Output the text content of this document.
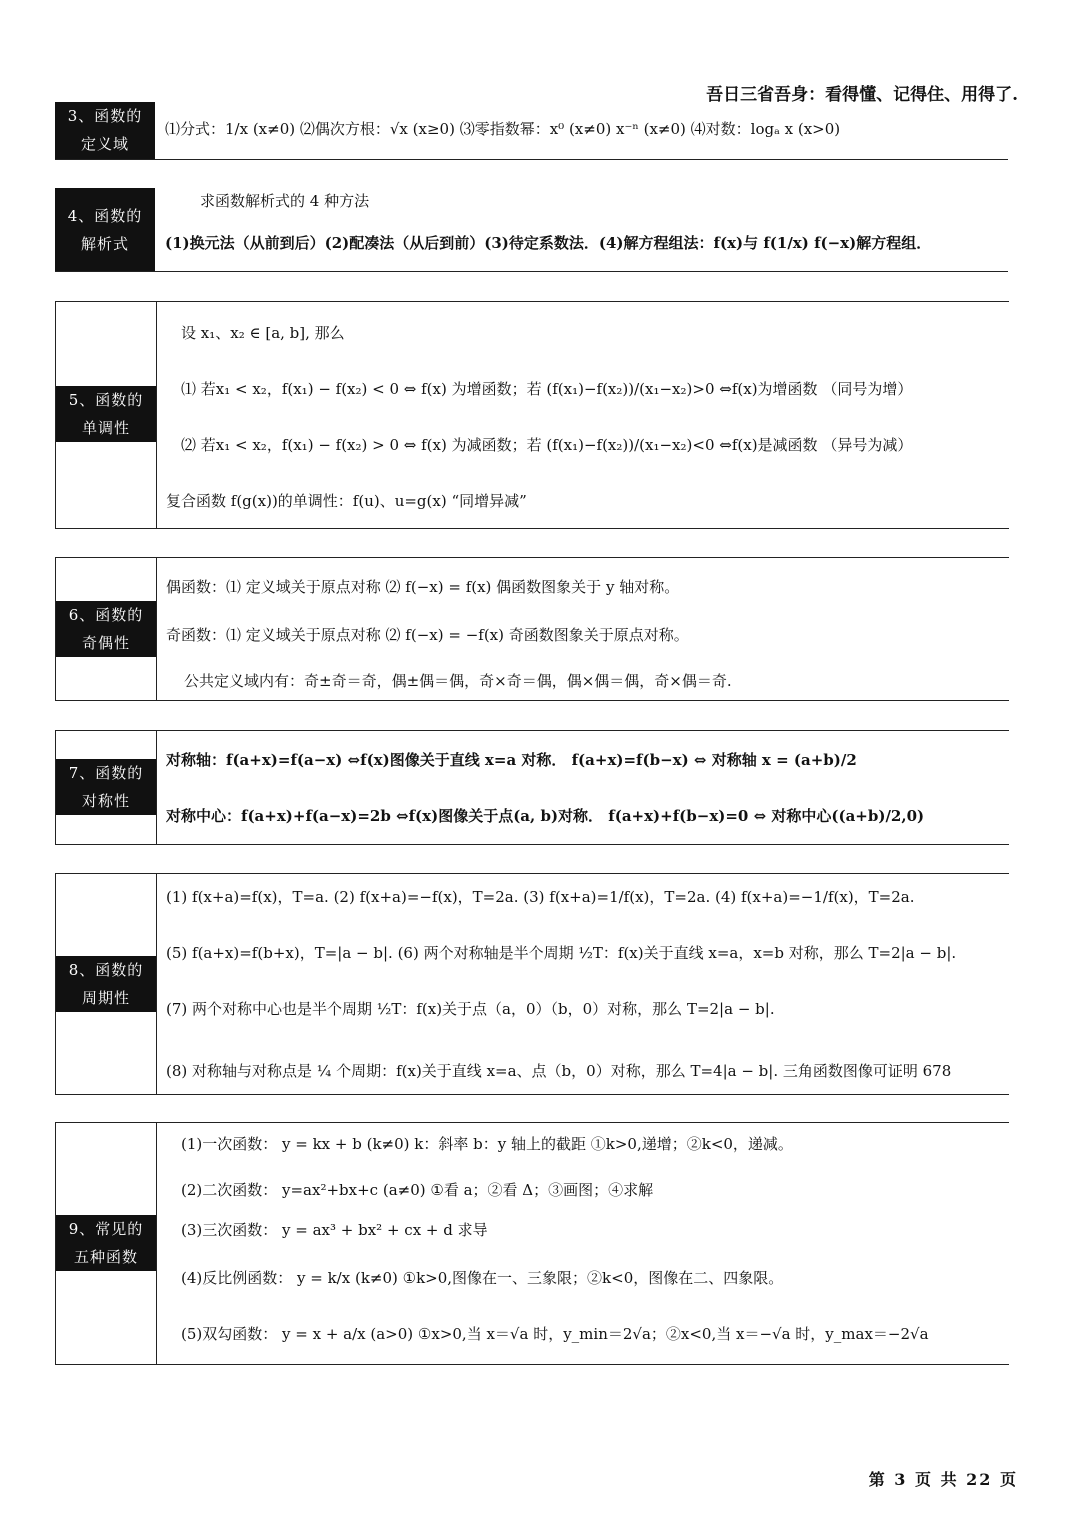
吾日三省吾身：看得懂、记得住、用得了.
3、函数的
定义域
⑴分式：1/x (x≠0) ⑵偶次方根：√x (x≥0) ⑶零指数幂：x⁰ (x≠0) x⁻ⁿ (x≠0) ⑷对数：logₐ x (x>0)
4、函数的
解析式
求函数解析式的 4 种方法
(1)换元法（从前到后）(2)配凑法（从后到前）(3)待定系数法．(4)解方程组法：f(x)与 f(1/x) f(−x)解方程组．
5、函数的
单调性
设 x₁、x₂ ∈ [a, b], 那么
⑴ 若x₁ < x₂，f(x₁) − f(x₂) < 0 ⇔ f(x) 为增函数；若 (f(x₁)−f(x₂))/(x₁−x₂)>0 ⇔f(x)为增函数 （同号为增）
⑵ 若x₁ < x₂，f(x₁) − f(x₂) > 0 ⇔ f(x) 为减函数；若 (f(x₁)−f(x₂))/(x₁−x₂)<0 ⇔f(x)是减函数 （异号为减）
复合函数 f(g(x))的单调性：f(u)、u=g(x) “同增异减”
6、函数的
奇偶性
偶函数：⑴ 定义域关于原点对称 ⑵ f(−x) = f(x) 偶函数图象关于 y 轴对称。
奇函数：⑴ 定义域关于原点对称 ⑵ f(−x) = −f(x) 奇函数图象关于原点对称。
公共定义域内有：奇±奇＝奇，偶±偶＝偶，奇×奇＝偶，偶×偶＝偶，奇×偶＝奇.
7、函数的
对称性
对称轴：f(a+x)=f(a−x) ⇔f(x)图像关于直线 x=a 对称． f(a+x)=f(b−x) ⇔ 对称轴 x = (a+b)/2
对称中心：f(a+x)+f(a−x)=2b ⇔f(x)图像关于点(a, b)对称． f(a+x)+f(b−x)=0 ⇔ 对称中心((a+b)/2,0)
8、函数的
周期性
(1) f(x+a)=f(x)，T=a. (2) f(x+a)=−f(x)，T=2a. (3) f(x+a)=1/f(x)，T=2a. (4) f(x+a)=−1/f(x)，T=2a.
(5) f(a+x)=f(b+x)，T=|a − b|. (6) 两个对称轴是半个周期 ½T：f(x)关于直线 x=a，x=b 对称，那么 T=2|a − b|.
(7) 两个对称中心也是半个周期 ½T：f(x)关于点（a，0）（b，0）对称，那么 T=2|a − b|.
(8) 对称轴与对称点是 ¼ 个周期：f(x)关于直线 x=a、点（b，0）对称，那么 T=4|a − b|. 三角函数图像可证明 678
9、常见的
五种函数
(1)一次函数： y = kx + b (k≠0) k：斜率 b：y 轴上的截距 ①k>0,递增；②k<0，递减。
(2)二次函数： y=ax²+bx+c (a≠0) ①看 a；②看 Δ；③画图；④求解
(3)三次函数： y = ax³ + bx² + cx + d 求导
(4)反比例函数： y = k/x (k≠0) ①k>0,图像在一、三象限；②k<0，图像在二、四象限。
(5)双勾函数： y = x + a/x (a>0) ①x>0,当 x＝√a 时，y_min＝2√a；②x<0,当 x＝−√a 时，y_max＝−2√a
第 3 页 共 22 页
